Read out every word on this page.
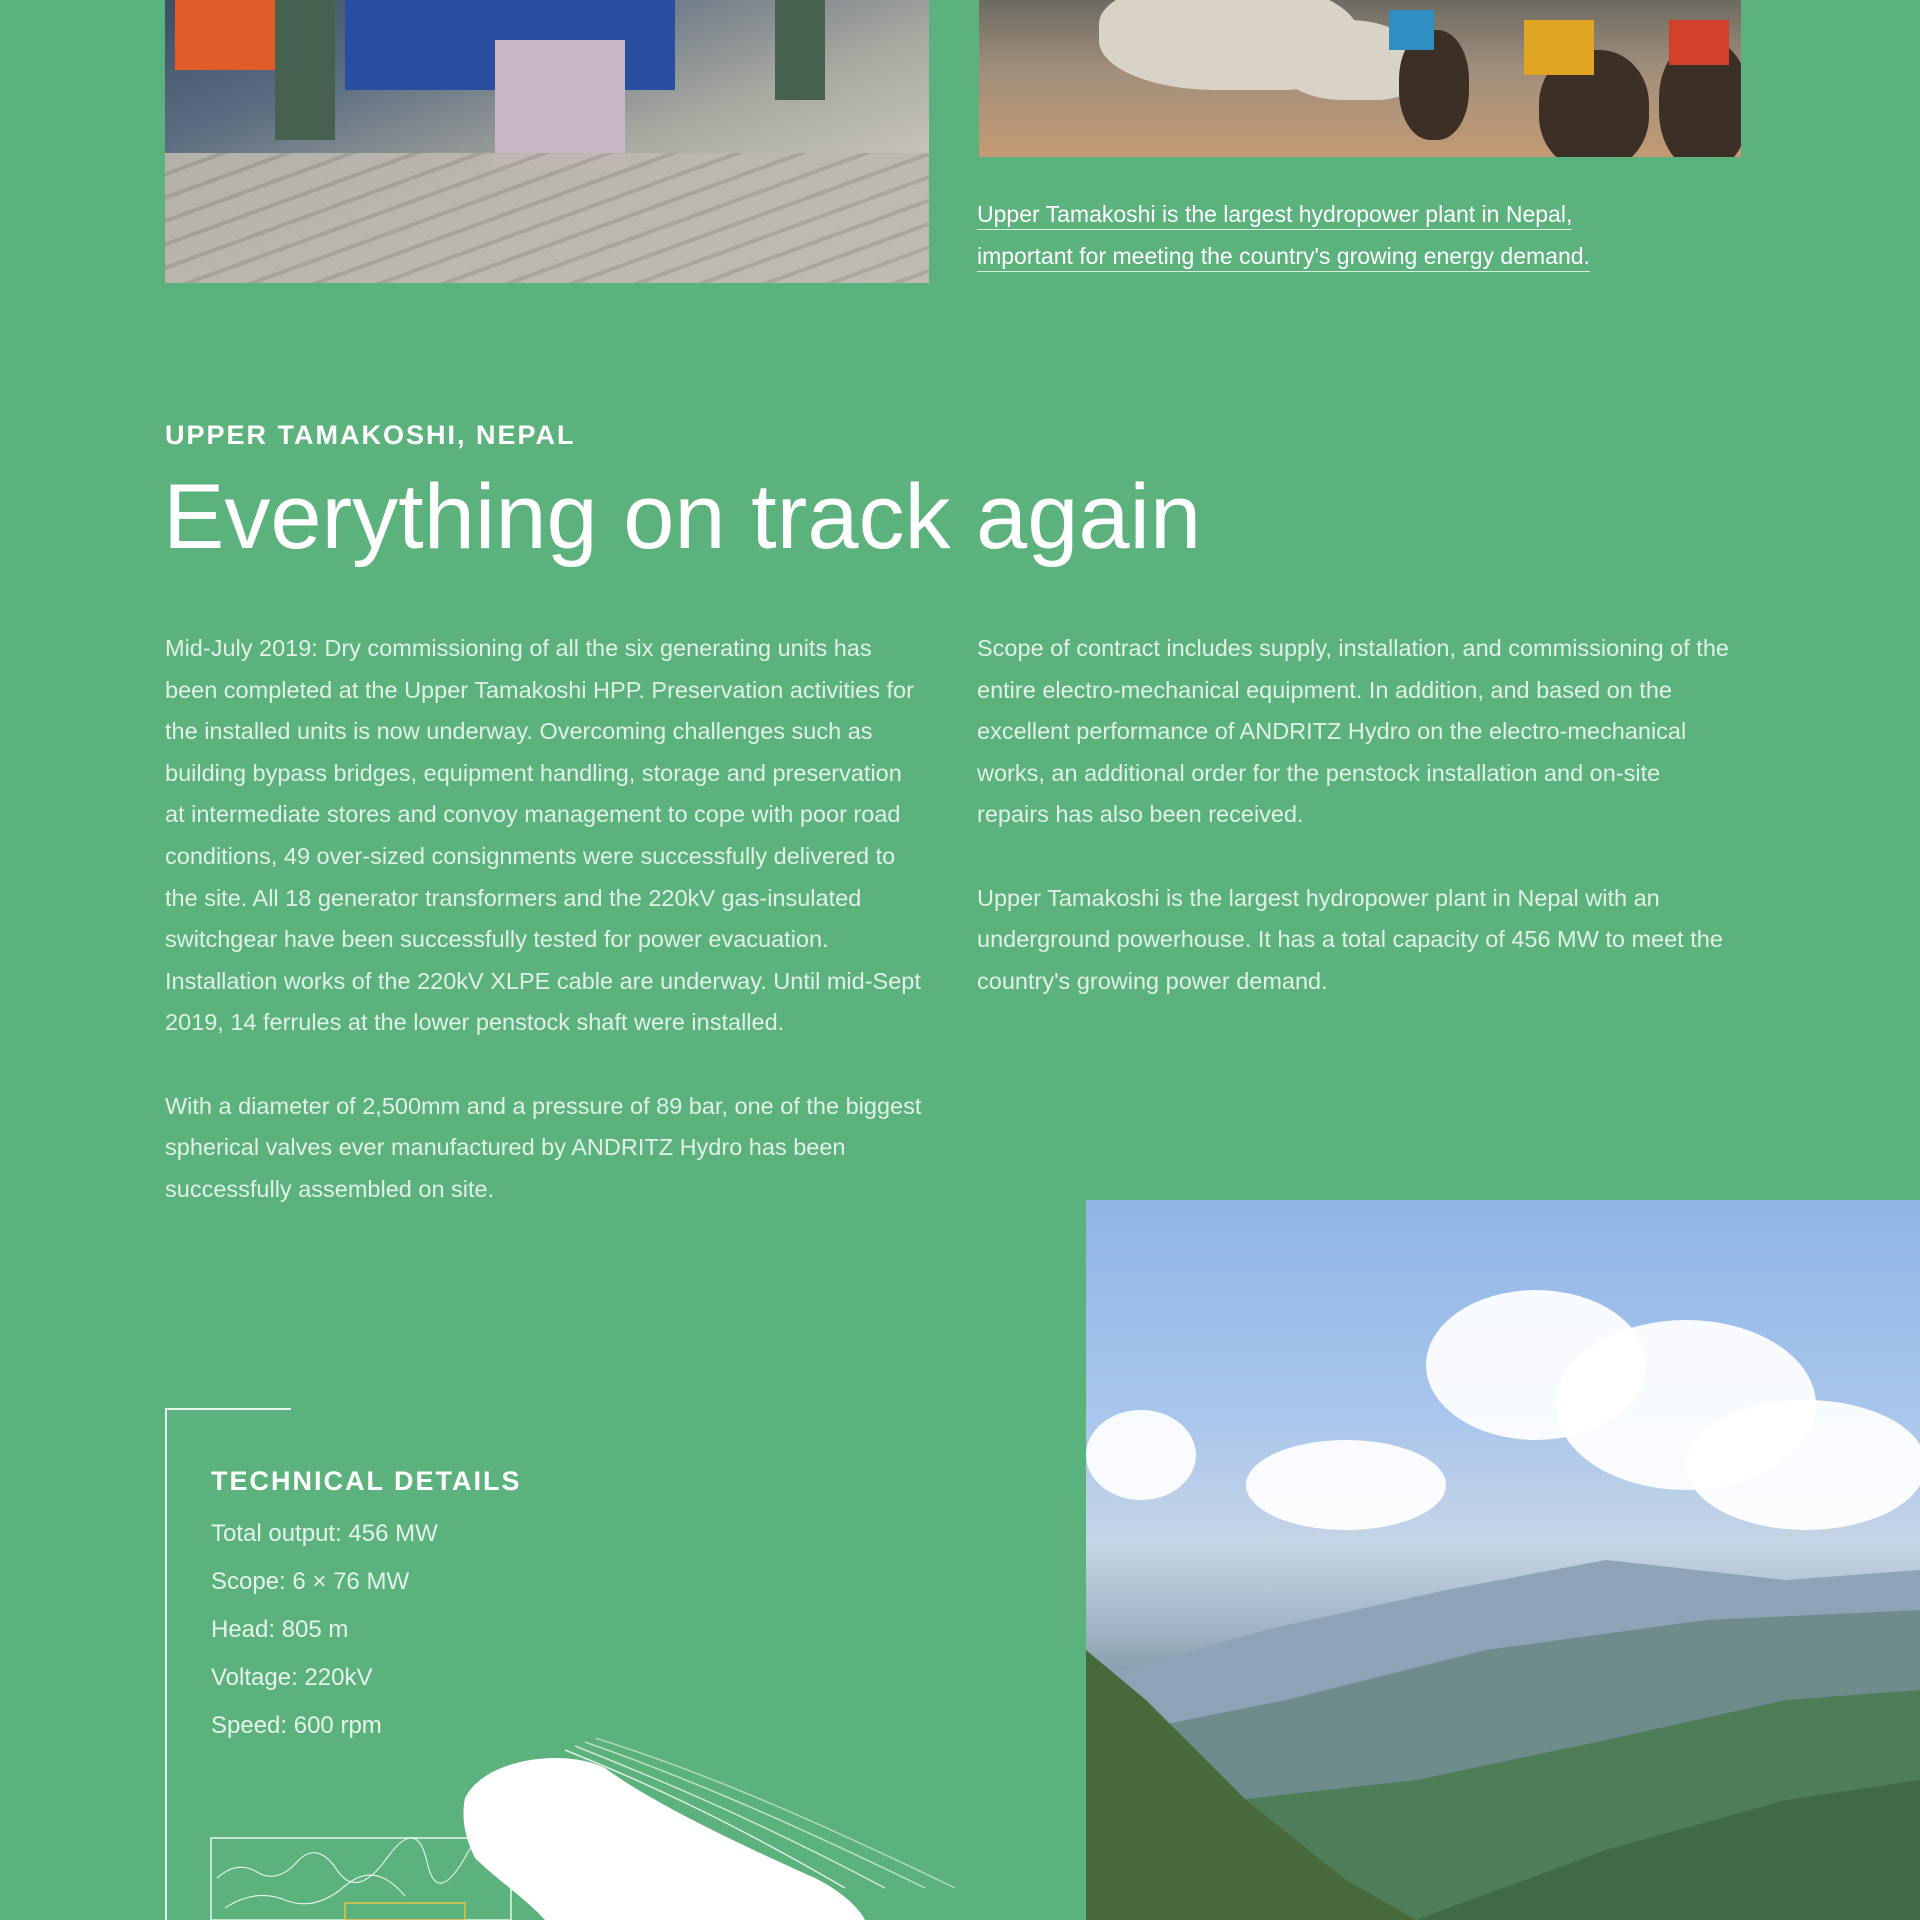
Upper Tamakoshi is the largest hydropower plant in Nepal,
important for meeting the country's growing energy demand.
UPPER TAMAKOSHI, NEPAL
Everything on track again

Mid-July 2019: Dry commissioning of all the six generating units has been completed at the Upper Tamakoshi HPP. Preservation activities for the installed units is now underway. Overcoming challenges such as building bypass bridges, equipment handling, storage and preservation at intermediate stores and convoy management to cope with poor road conditions, 49 over-sized consignments were successfully delivered to the site. All 18 generator transformers and the 220kV gas-insulated switchgear have been successfully tested for power evacuation. Installation works of the 220kV XLPE cable are underway. Until mid-Sept 2019, 14 ferrules at the lower penstock shaft were installed.

With a diameter of 2,500mm and a pressure of 89 bar, one of the biggest spherical valves ever manufactured by ANDRITZ Hydro has been successfully assembled on site.

Scope of contract includes supply, installation, and commissioning of the entire electro-mechanical equipment. In addition, and based on the excellent performance of ANDRITZ Hydro on the electro-mechanical works, an additional order for the penstock installation and on-site repairs has also been received.

Upper Tamakoshi is the largest hydropower plant in Nepal with an underground powerhouse. It has a total capacity of 456 MW to meet the country's growing power demand.

TECHNICAL DETAILS
Total output: 456 MW
Scope: 6 × 76 MW
Head: 805 m
Voltage: 220kV
Speed: 600 rpm
